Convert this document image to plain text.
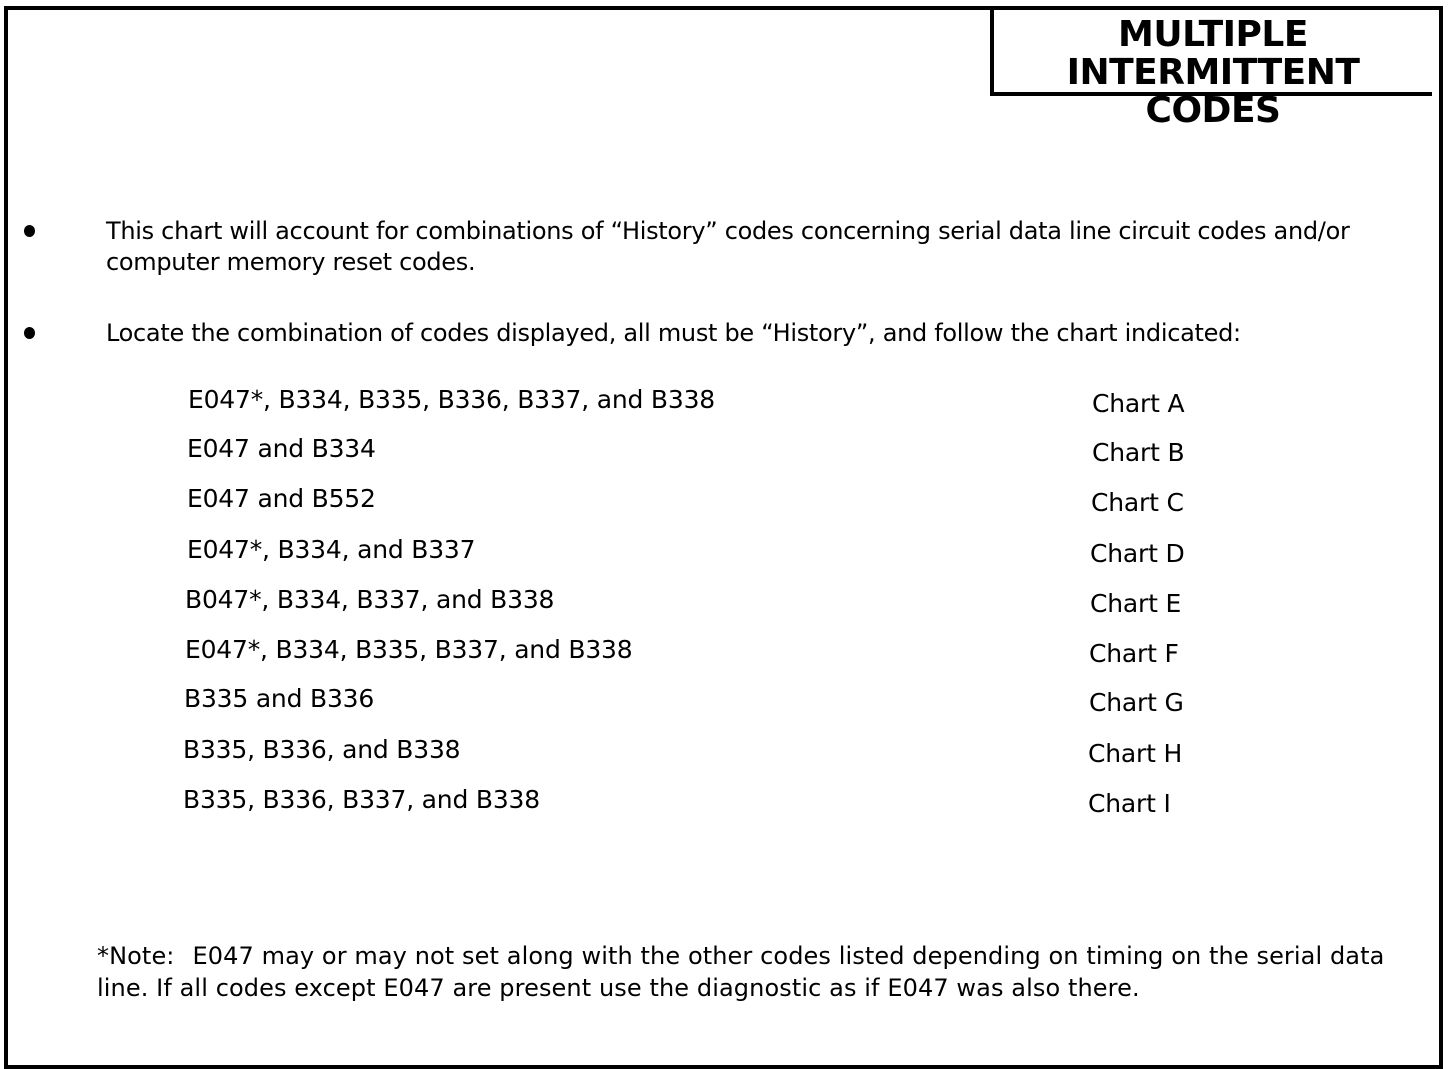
MULTIPLE
INTERMITTENT CODES
This chart will account for combinations of “History” codes concerning serial data line circuit codes and/or computer memory reset codes.
Locate the combination of codes displayed, all must be “History”, and follow the chart indicated:
E047*, B334, B335, B336, B337, and B338	Chart A
E047 and B334	Chart B
E047 and B552	Chart C
E047*, B334, and B337	Chart D
B047*, B334, B337, and B338	Chart E
E047*, B334, B335, B337, and B338	Chart F
B335 and B336	Chart G
B335, B336, and B338	Chart H
B335, B336, B337, and B338	Chart I
*Note: E047 may or may not set along with the other codes listed depending on timing on the serial data line. If all codes except E047 are present use the diagnostic as if E047 was also there.
